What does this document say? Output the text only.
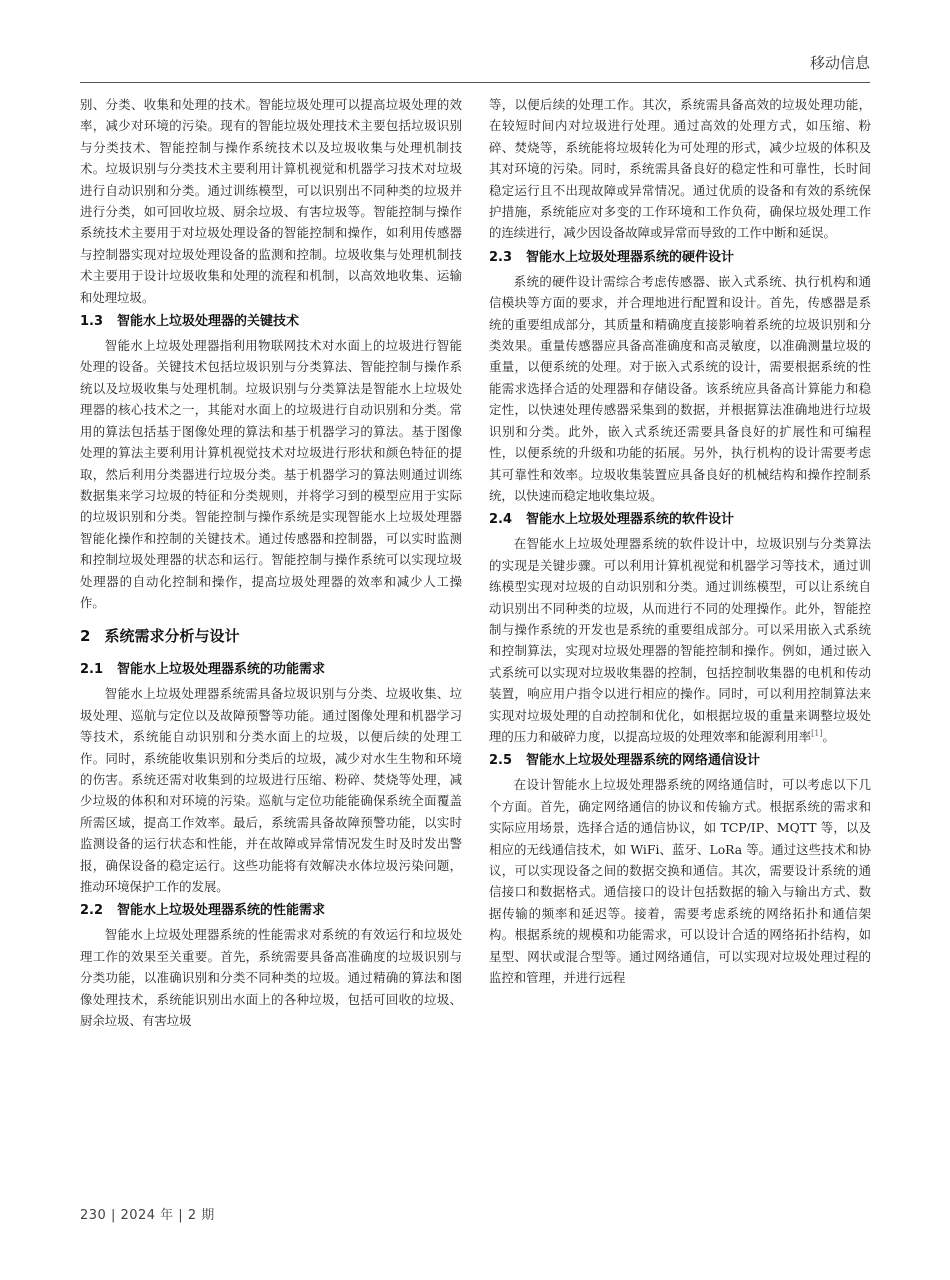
移动信息

别、分类、收集和处理的技术。智能垃圾处理可以提高垃圾处理的效率，减少对环境的污染。现有的智能垃圾处理技术主要包括垃圾识别与分类技术、智能控制与操作系统技术以及垃圾收集与处理机制技术。垃圾识别与分类技术主要利用计算机视觉和机器学习技术对垃圾进行自动识别和分类。通过训练模型，可以识别出不同种类的垃圾并进行分类，如可回收垃圾、厨余垃圾、有害垃圾等。智能控制与操作系统技术主要用于对垃圾处理设备的智能控制和操作，如利用传感器与控制器实现对垃圾处理设备的监测和控制。垃圾收集与处理机制技术主要用于设计垃圾收集和处理的流程和机制，以高效地收集、运输和处理垃圾。

1.3 智能水上垃圾处理器的关键技术

智能水上垃圾处理器指利用物联网技术对水面上的垃圾进行智能处理的设备。关键技术包括垃圾识别与分类算法、智能控制与操作系统以及垃圾收集与处理机制。垃圾识别与分类算法是智能水上垃圾处理器的核心技术之一，其能对水面上的垃圾进行自动识别和分类。常用的算法包括基于图像处理的算法和基于机器学习的算法。基于图像处理的算法主要利用计算机视觉技术对垃圾进行形状和颜色特征的提取，然后利用分类器进行垃圾分类。基于机器学习的算法则通过训练数据集来学习垃圾的特征和分类规则，并将学习到的模型应用于实际的垃圾识别和分类。智能控制与操作系统是实现智能水上垃圾处理器智能化操作和控制的关键技术。通过传感器和控制器，可以实时监测和控制垃圾处理器的状态和运行。智能控制与操作系统可以实现垃圾处理器的自动化控制和操作，提高垃圾处理器的效率和减少人工操作。

2 系统需求分析与设计
2.1 智能水上垃圾处理器系统的功能需求

智能水上垃圾处理器系统需具备垃圾识别与分类、垃圾收集、垃圾处理、巡航与定位以及故障预警等功能。通过图像处理和机器学习等技术，系统能自动识别和分类水面上的垃圾，以便后续的处理工作。同时，系统能收集识别和分类后的垃圾，减少对水生生物和环境的伤害。系统还需对收集到的垃圾进行压缩、粉碎、焚烧等处理，减少垃圾的体积和对环境的污染。巡航与定位功能能确保系统全面覆盖所需区域，提高工作效率。最后，系统需具备故障预警功能，以实时监测设备的运行状态和性能，并在故障或异常情况发生时及时发出警报，确保设备的稳定运行。这些功能将有效解决水体垃圾污染问题，推动环境保护工作的发展。

2.2 智能水上垃圾处理器系统的性能需求

智能水上垃圾处理器系统的性能需求对系统的有效运行和垃圾处理工作的效果至关重要。首先，系统需要具备高准确度的垃圾识别与分类功能，以准确识别和分类不同种类的垃圾。通过精确的算法和图像处理技术，系统能识别出水面上的各种垃圾，包括可回收的垃圾、厨余垃圾、有害垃圾

等，以便后续的处理工作。其次，系统需具备高效的垃圾处理功能，在较短时间内对垃圾进行处理。通过高效的处理方式，如压缩、粉碎、焚烧等，系统能将垃圾转化为可处理的形式，减少垃圾的体积及其对环境的污染。同时，系统需具备良好的稳定性和可靠性，长时间稳定运行且不出现故障或异常情况。通过优质的设备和有效的系统保护措施，系统能应对多变的工作环境和工作负荷，确保垃圾处理工作的连续进行，减少因设备故障或异常而导致的工作中断和延误。

2.3 智能水上垃圾处理器系统的硬件设计

系统的硬件设计需综合考虑传感器、嵌入式系统、执行机构和通信模块等方面的要求，并合理地进行配置和设计。首先，传感器是系统的重要组成部分，其质量和精确度直接影响着系统的垃圾识别和分类效果。重量传感器应具备高准确度和高灵敏度，以准确测量垃圾的重量，以便系统的处理。对于嵌入式系统的设计，需要根据系统的性能需求选择合适的处理器和存储设备。该系统应具备高计算能力和稳定性，以快速处理传感器采集到的数据，并根据算法准确地进行垃圾识别和分类。此外，嵌入式系统还需要具备良好的扩展性和可编程性，以便系统的升级和功能的拓展。另外，执行机构的设计需要考虑其可靠性和效率。垃圾收集装置应具备良好的机械结构和操作控制系统，以快速而稳定地收集垃圾。

2.4 智能水上垃圾处理器系统的软件设计

在智能水上垃圾处理器系统的软件设计中，垃圾识别与分类算法的实现是关键步骤。可以利用计算机视觉和机器学习等技术，通过训练模型实现对垃圾的自动识别和分类。通过训练模型，可以让系统自动识别出不同种类的垃圾，从而进行不同的处理操作。此外，智能控制与操作系统的开发也是系统的重要组成部分。可以采用嵌入式系统和控制算法，实现对垃圾处理器的智能控制和操作。例如，通过嵌入式系统可以实现对垃圾收集器的控制，包括控制收集器的电机和传动装置，响应用户指令以进行相应的操作。同时，可以利用控制算法来实现对垃圾处理的自动控制和优化，如根据垃圾的重量来调整垃圾处理的压力和破碎力度，以提高垃圾的处理效率和能源利用率[1]。

2.5 智能水上垃圾处理器系统的网络通信设计

在设计智能水上垃圾处理器系统的网络通信时，可以考虑以下几个方面。首先，确定网络通信的协议和传输方式。根据系统的需求和实际应用场景，选择合适的通信协议，如 TCP/IP、MQTT 等，以及相应的无线通信技术，如 WiFi、蓝牙、LoRa 等。通过这些技术和协议，可以实现设备之间的数据交换和通信。其次，需要设计系统的通信接口和数据格式。通信接口的设计包括数据的输入与输出方式、数据传输的频率和延迟等。接着，需要考虑系统的网络拓扑和通信架构。根据系统的规模和功能需求，可以设计合适的网络拓扑结构，如星型、网状或混合型等。通过网络通信，可以实现对垃圾处理过程的监控和管理，并进行远程

230 | 2024 年 | 2 期
